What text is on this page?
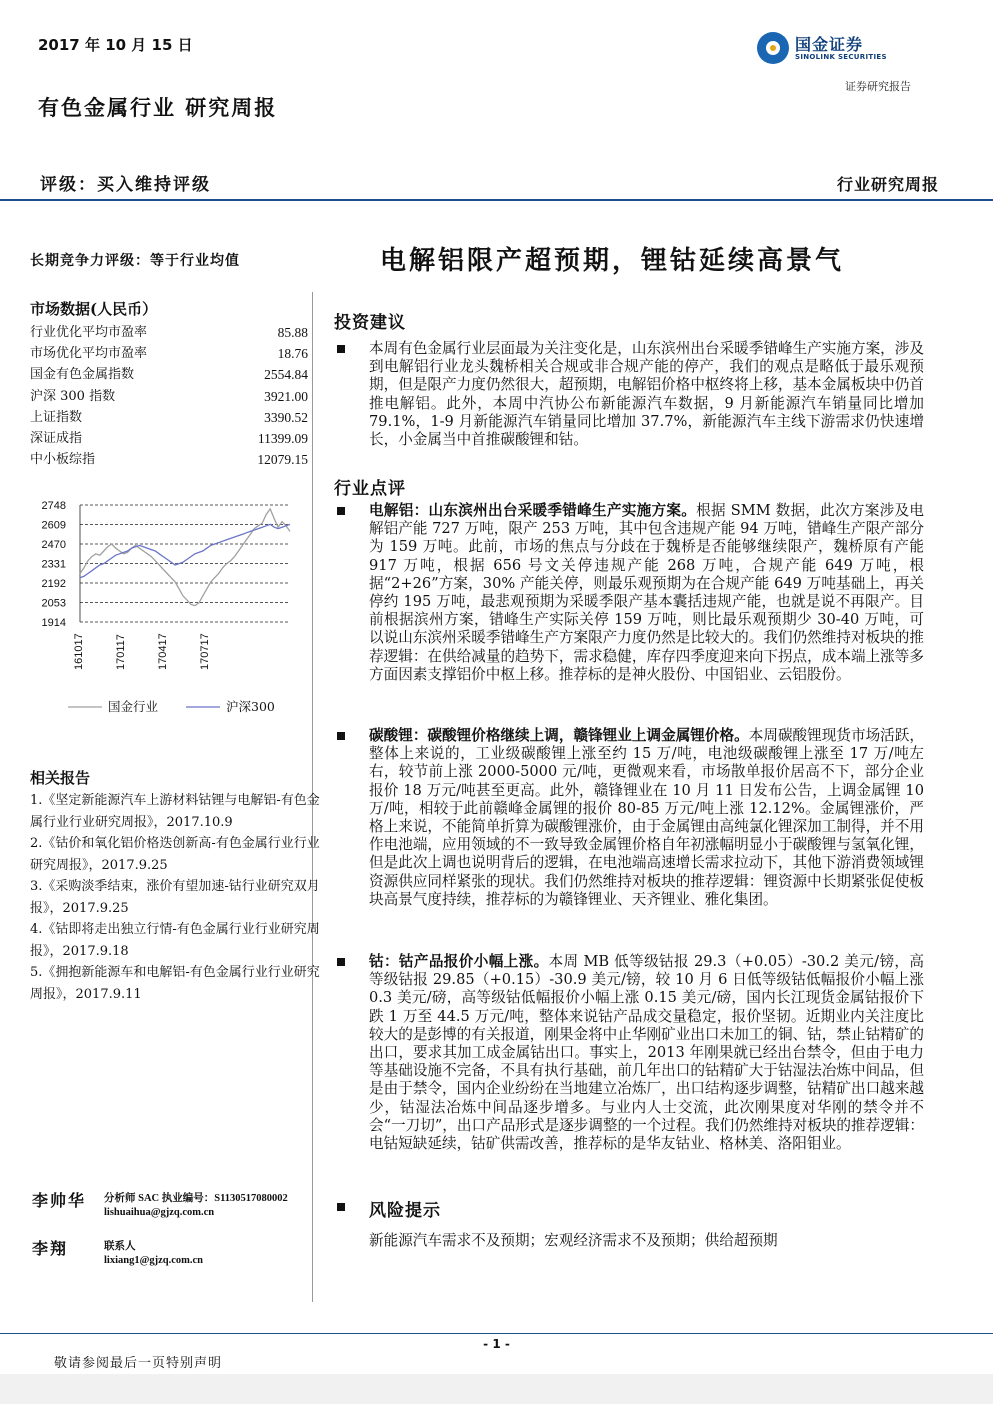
2017 年 10 月 15 日	国金证券
SINOLINK SECURITIES
证券研究报告
有色金属行业 研究周报
评级：买入维持评级	行业研究周报
长期竞争力评级：等于行业均值	电解铝限产超预期，锂钴延续高景气
市场数据(人民币）
行业优化平均市盈率	85.88
市场优化平均市盈率	18.76
国金有色金属指数	2554.84
沪深 300 指数	3921.00
上证指数	3390.52
深证成指	11399.09
中小板综指	12079.15
2748
2609
2470
2331
2192
2053
1914
161017	170117	170417	170717
国金行业	沪深300
相关报告
1.《坚定新能源汽车上游材料钴锂与电解铝-有色金属行业行业研究周报》，2017.10.9
2.《钴价和氧化铝价格迭创新高-有色金属行业行业研究周报》，2017.9.25
3.《采购淡季结束，涨价有望加速-钴行业研究双月报》，2017.9.25
4.《钴即将走出独立行情-有色金属行业行业研究周报》，2017.9.18
5.《拥抱新能源车和电解铝-有色金属行业行业研究周报》，2017.9.11
李帅华 分析师 SAC 执业编号：S1130517080002
lishuaihua@gjzq.com.cn
李翔	联系人
lixiang1@gjzq.com.cn
投资建议

本周有色金属行业层面最为关注变化是，山东滨州出台采暖季错峰生产实施方案，涉及到电解铝行业龙头魏桥相关合规或非合规产能的停产，我们的观点是略低于最乐观预期，但是限产力度仍然很大，超预期，电解铝价格中枢终将上移，基本金属板块中仍首推电解铝。此外，本周中汽协公布新能源汽车数据，9 月新能源汽车销量同比增加 79.1%，1-9 月新能源汽车销量同比增加 37.7%，新能源汽车主线下游需求仍快速增长，小金属当中首推碳酸锂和钴。

行业点评

电解铝：山东滨州出台采暖季错峰生产实施方案。根据 SMM 数据，此次方案涉及电解铝产能 727 万吨，限产 253 万吨，其中包含违规产能 94 万吨，错峰生产限产部分为 159 万吨。此前，市场的焦点与分歧在于魏桥是否能够继续限产，魏桥原有产能 917 万吨，根据 656 号文关停违规产能 268 万吨，合规产能 649 万吨，根据“2+26”方案，30% 产能关停，则最乐观预期为在合规产能 649 万吨基础上，再关停约 195 万吨，最悲观预期为采暖季限产基本囊括违规产能，也就是说不再限产。目前根据滨州方案，错峰生产实际关停 159 万吨，则比最乐观预期少 30-40 万吨，可以说山东滨州采暖季错峰生产方案限产力度仍然是比较大的。我们仍然维持对板块的推荐逻辑：在供给减量的趋势下，需求稳健，库存四季度迎来向下拐点，成本端上涨等多方面因素支撑铝价中枢上移。推荐标的是神火股份、中国铝业、云铝股份。

碳酸锂：碳酸锂价格继续上调，赣锋锂业上调金属锂价格。本周碳酸锂现货市场活跃，整体上来说的，工业级碳酸锂上涨至约 15 万/吨，电池级碳酸锂上涨至 17 万/吨左右，较节前上涨 2000-5000 元/吨，更微观来看，市场散单报价居高不下，部分企业报价 18 万元/吨甚至更高。此外，赣锋锂业在 10 月 11 日发布公告，上调金属锂 10 万/吨，相较于此前赣峰金属锂的报价 80-85 万元/吨上涨 12.12%。金属锂涨价，严格上来说，不能简单折算为碳酸锂涨价，由于金属锂由高纯氯化锂深加工制得，并不用作电池端，应用领域的不一致导致金属锂价格自年初涨幅明显小于碳酸锂与氢氧化锂，但是此次上调也说明背后的逻辑，在电池端高速增长需求拉动下，其他下游消费领域锂资源供应同样紧张的现状。我们仍然维持对板块的推荐逻辑：锂资源中长期紧张促使板块高景气度持续，推荐标的为赣锋锂业、天齐锂业、雅化集团。

钴：钴产品报价小幅上涨。本周 MB 低等级钴报 29.3（+0.05）-30.2 美元/镑，高等级钴报 29.85（+0.15）-30.9 美元/镑，较 10 月 6 日低等级钴低幅报价小幅上涨 0.3 美元/磅，高等级钴低幅报价小幅上涨 0.15 美元/磅，国内长江现货金属钴报价下跌 1 万至 44.5 万元/吨，整体来说钴产品成交量稳定，报价坚韧。近期业内关注度比较大的是彭博的有关报道，刚果金将中止华刚矿业出口未加工的铜、钴，禁止钴精矿的出口，要求其加工成金属钴出口。事实上，2013 年刚果就已经出台禁令，但由于电力等基础设施不完备，不具有执行基础，前几年出口的钴精矿大于钴湿法冶炼中间品，但是由于禁令，国内企业纷纷在当地建立冶炼厂，出口结构逐步调整，钴精矿出口越来越少，钴湿法冶炼中间品逐步增多。与业内人士交流，此次刚果度对华刚的禁令并不会“一刀切”，出口产品形式是逐步调整的一个过程。我们仍然维持对板块的推荐逻辑：电钴短缺延续，钴矿供需改善，推荐标的是华友钴业、格林美、洛阳钼业。

风险提示
新能源汽车需求不及预期；宏观经济需求不及预期；供给超预期
- 1 -
敬请参阅最后一页特别声明
